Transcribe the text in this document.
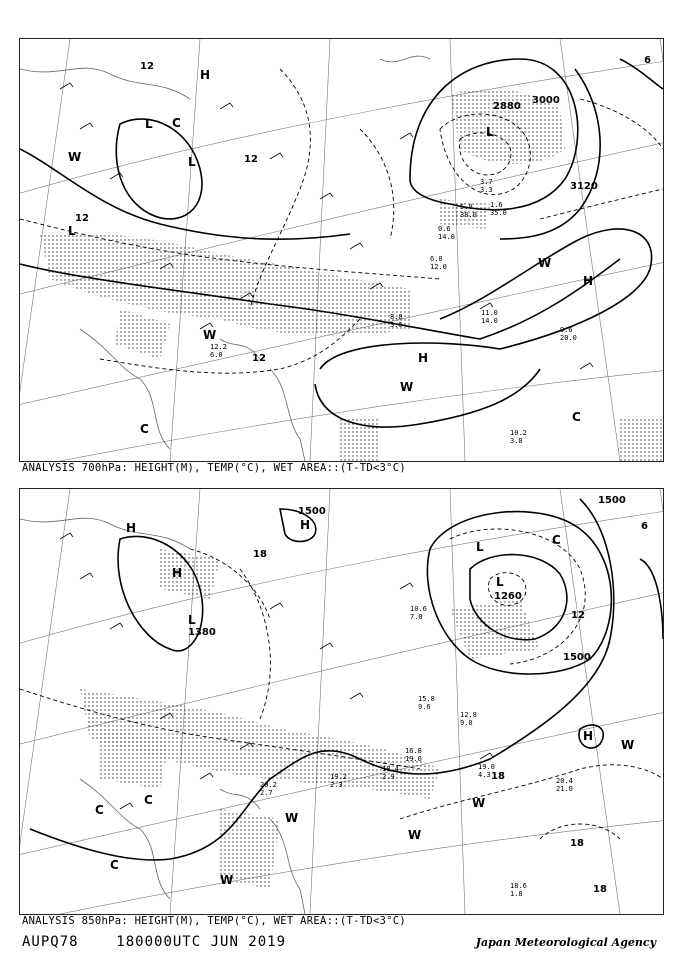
3000
2880
3120
12
12
12
12
6
L
L
L
L
H
H
H
C
C
C
W
W
W
W
11.0 14.0
9.6 20.0
10.2 3.8
6.0 12.0
5.0 38.0
0.6 14.0
12.2 6.0
8.8 3.6
3.7 3.3
1.6 35.0
ANALYSIS 700hPa: HEIGHT(M), TEMP(°C), WET AREA::(T-TD<3°C)
1500
1500
1500
1380
1260
18
18
18
18
12
6
L
L
L
H
H
H
H
C
C
C
C
W
W
W
W
W
19.0 4.3
20.4 21.0
18.6 1.8
12.8 9.0
16.8 19.0
19.2 2.3
20.2 2.7
18.4 2.9
10.6 7.0
15.8 9.6
ANALYSIS 850hPa: HEIGHT(M), TEMP(°C), WET AREA::(T-TD<3°C)
AUPQ78	180000UTC JUN 2019	Japan Meteorological Agency
